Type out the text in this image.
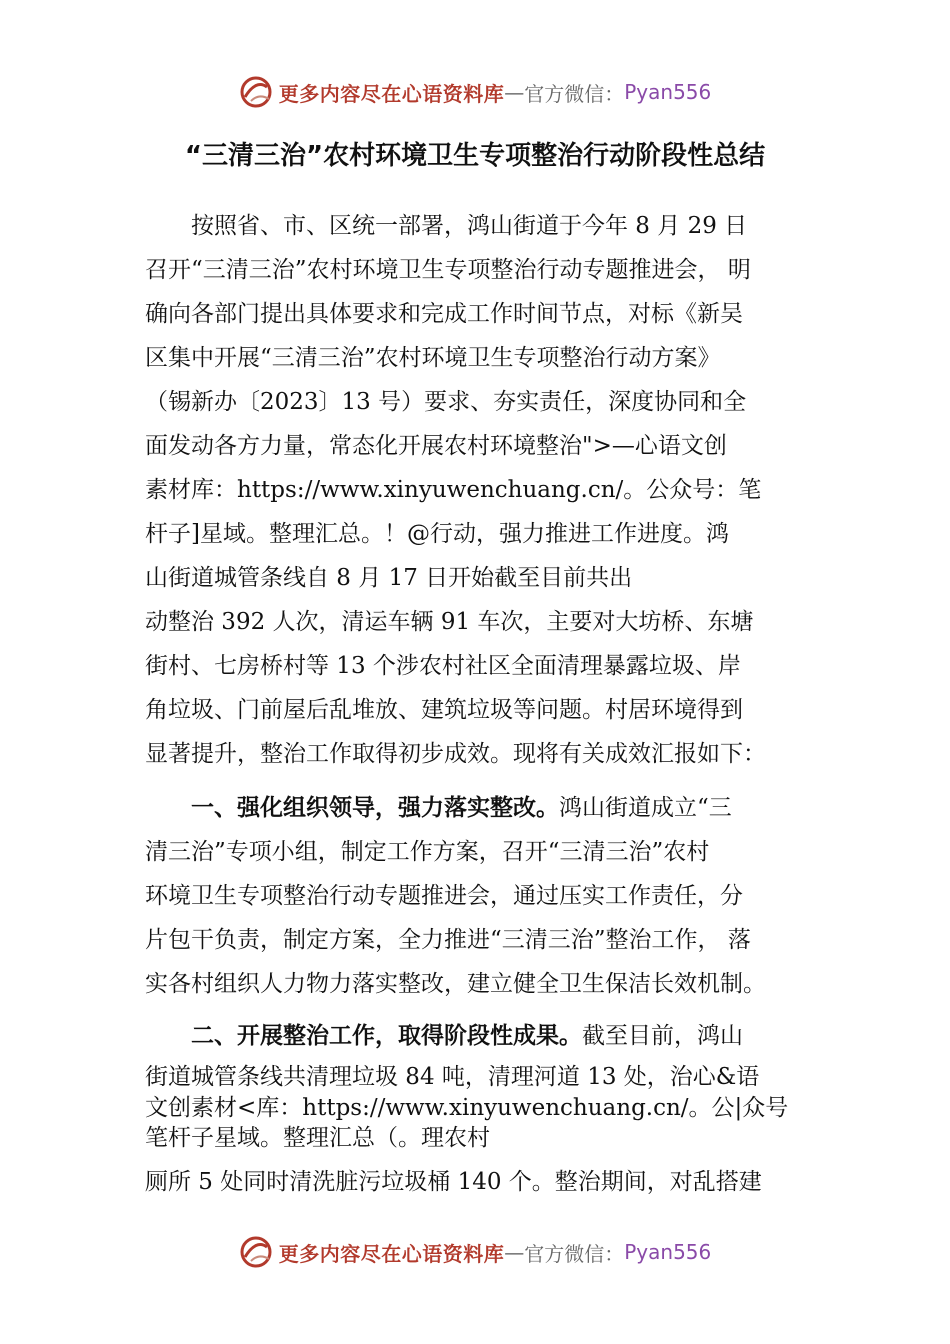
更多内容尽在心语资料库 — 官方微信： Pyan556
“三清三治”农村环境卫生专项整治行动阶段性总结
　　按照省、市、区统一部署，鸿山街道于今年 8 月 29 日
召开“三清三治”农村环境卫生专项整治行动专题推进会， 明
确向各部门提出具体要求和完成工作时间节点，对标《新吴
区集中开展“三清三治”农村环境卫生专项整治行动方案》
（锡新办〔2023〕13 号）要求、夯实责任，深度协同和全
面发动各方力量，常态化开展农村环境整治">—心语文创
素材库：https://www.xinyuwenchuang.cn/。公众号：笔
杆子]星域。整理汇总。！@行动，强力推进工作进度。鸿
山街道城管条线自 8 月 17 日开始截至目前共出
动整治 392 人次，清运车辆 91 车次，主要对大坊桥、东塘
街村、七房桥村等 13 个涉农村社区全面清理暴露垃圾、岸
角垃圾、门前屋后乱堆放、建筑垃圾等问题。村居环境得到
显著提升，整治工作取得初步成效。现将有关成效汇报如下：
一、强化组织领导，强力落实整改。鸿山街道成立“三
清三治”专项小组，制定工作方案，召开“三清三治”农村
环境卫生专项整治行动专题推进会，通过压实工作责任，分
片包干负责，制定方案，全力推进“三清三治”整治工作， 落
实各村组织人力物力落实整改，建立健全卫生保洁长效机制。
二、开展整治工作，取得阶段性成果。截至目前，鸿山
街道城管条线共清理垃圾 84 吨，清理河道 13 处，治心&语
文创素材<库：https://www.xinyuwenchuang.cn/。公|众号
笔杆子星域。整理汇总（。理农村
厕所 5 处同时清洗脏污垃圾桶 140 个。整治期间，对乱搭建
更多内容尽在心语资料库 — 官方微信： Pyan556
